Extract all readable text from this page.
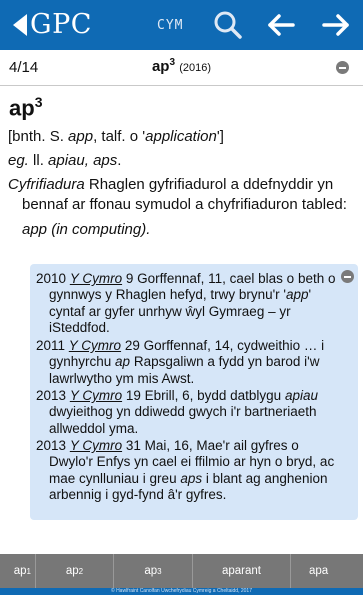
GPC	CYM
4/14	$ap^3$ (2016)
$ap^3$
[bnth. S. app, talf. o 'application']
eg. ll. apiau, aps.
Cyfrifiadura Rhaglen gyfrifiadurol a ddefnyddir yn bennaf ar ffonau symudol a chyfrifiaduron tabled:
app (in computing).
2010 Y Cymro 9 Gorffennaf, 11, cael blas o beth o gynnwys y Rhaglen hefyd, trwy brynu'r 'app' cyntaf ar gyfer unrhyw ŵyl Gymraeg – yr iSteddfod.
2011 Y Cymro 29 Gorffennaf, 14, cydweithio … i gynhyrchu ap Rapsgaliwn a fydd yn barod i'w lawrlwytho ym mis Awst.
2013 Y Cymro 19 Ebrill, 6, bydd datblygu apiau dwyieithog yn ddiwedd gwych i'r bartneriaeth allweddol yma.
2013 Y Cymro 31 Mai, 16, Mae'r ail gyfres o Dwylo'r Enfys yn cael ei ffilmio ar hyn o bryd, ac mae cynlluniau i greu aps i blant ag anghenion arbennig i gyd-fynd â'r gyfres.
ap 1	ap 2	ap 3	aparant	apa
© Hawlfraint Canolfan Uwchefrydiau Cymreig a Cheltaidd, 2017
